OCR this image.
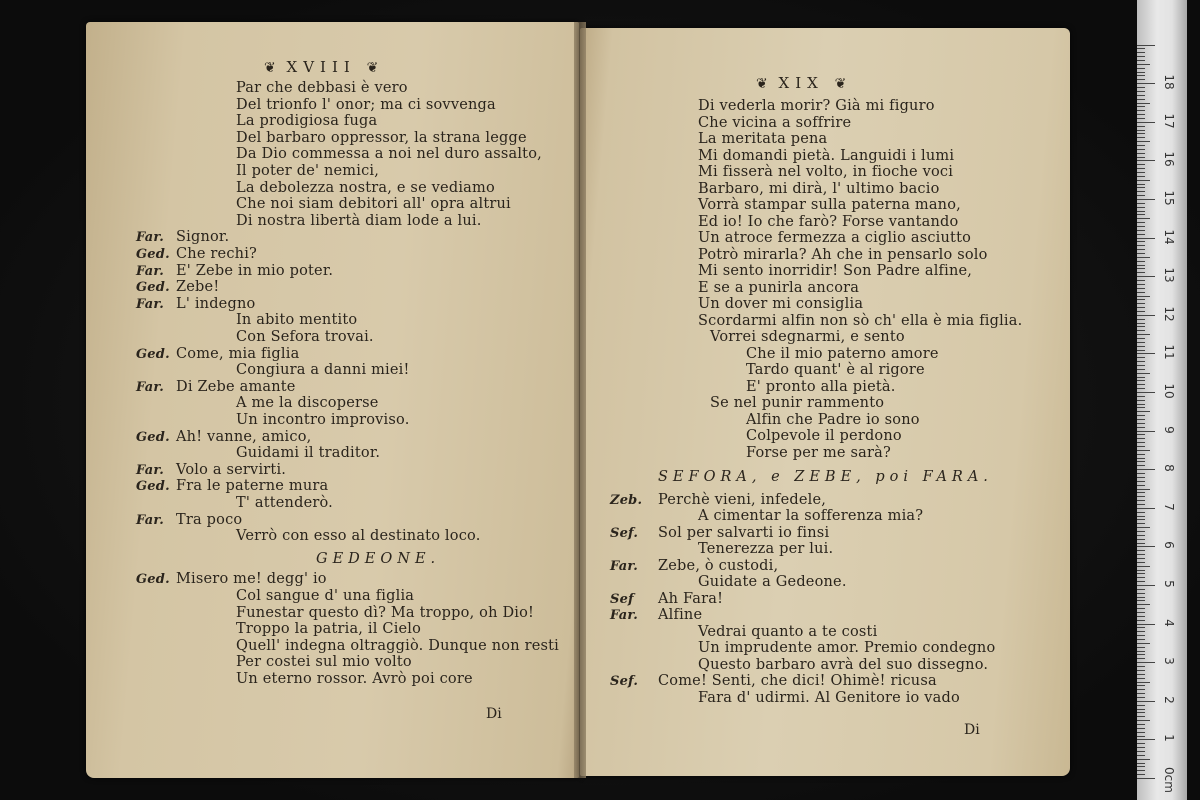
❦ XVIII ❦
Par che debbasi è vero
Del trionfo l' onor; ma ci sovvenga
La prodigiosa fuga
Del barbaro oppressor, la strana legge
Da Dio commessa a noi nel duro assalto,
Il poter de' nemici,
La debolezza nostra, e se vediamo
Che noi siam debitori all' opra altrui
Di nostra libertà diam lode a lui.
Far. Signor.
Ged. Che rechi?
Far. E' Zebe in mio poter.
Ged. Zebe!
Far. L' indegno
In abito mentito
Con Sefora trovai.
Ged. Come, mia figlia
Congiura a danni miei!
Far. Di Zebe amante
A me la discoperse
Un incontro improviso.
Ged. Ah! vanne, amico,
Guidami il traditor.
Far. Volo a servirti.
Ged. Fra le paterne mura
T' attenderò.
Far. Tra poco
Verrò con esso al destinato loco.
GEDEONE.
Ged. Misero me! degg' io
Col sangue d' una figlia
Funestar questo dì? Ma troppo, oh Dio!
Troppo la patria, il Cielo
Quell' indegna oltraggiò. Dunque non resti
Per costei sul mio volto
Un eterno rossor. Avrò poi core
Di
❦ XIX ❦
Di vederla morir? Già mi figuro
Che vicina a soffrire
La meritata pena
Mi domandi pietà. Languidi i lumi
Mi fisserà nel volto, in fioche voci
Barbaro, mi dirà, l' ultimo bacio
Vorrà stampar sulla paterna mano,
Ed io! Io che farò? Forse vantando
Un atroce fermezza a ciglio asciutto
Potrò mirarla? Ah che in pensarlo solo
Mi sento inorridir! Son Padre alfine,
E se a punirla ancora
Un dover mi consiglia
Scordarmi alfin non sò ch' ella è mia figlia.
Vorrei sdegnarmi, e sento
Che il mio paterno amore
Tardo quant' è al rigore
E' pronto alla pietà.
Se nel punir rammento
Alfin che Padre io sono
Colpevole il perdono
Forse per me sarà?
SEFORA, e ZEBE, poi FARA.
Zeb. Perchè vieni, infedele,
A cimentar la sofferenza mia?
Sef. Sol per salvarti io finsi
Tenerezza per lui.
Far. Zebe, ò custodi,
Guidate a Gedeone.
Sef Ah Fara!
Far. Alfine
Vedrai quanto a te costi
Un imprudente amor. Premio condegno
Questo barbaro avrà del suo dissegno.
Sef. Come! Senti, che dici! Ohimè! ricusa
Fara d' udirmi. Al Genitore io vado
Di
0cm
1
2
3
4
5
6
7
8
9
10
11
12
13
14
15
16
17
18
